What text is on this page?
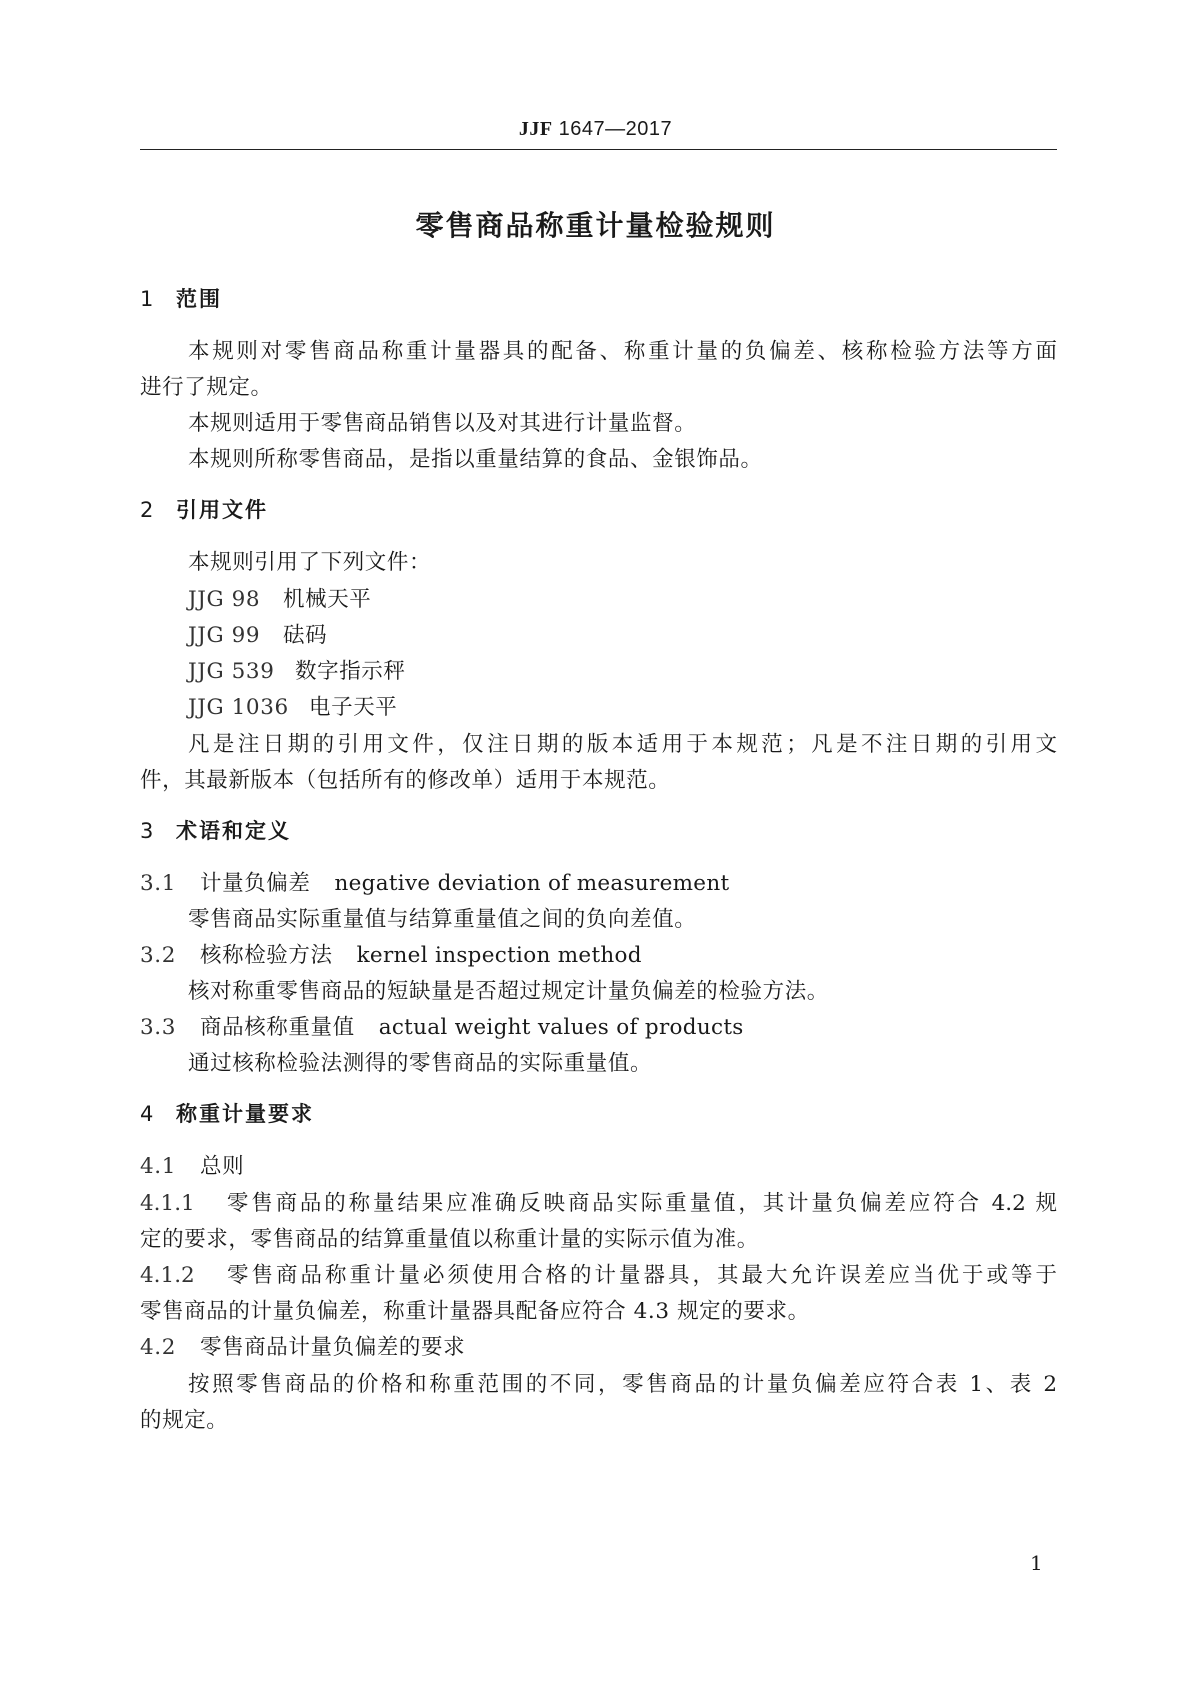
JJF 1647—2017
零售商品称重计量检验规则
1 范围
本规则对零售商品称重计量器具的配备、称重计量的负偏差、核称检验方法等方面
进行了规定。
本规则适用于零售商品销售以及对其进行计量监督。
本规则所称零售商品，是指以重量结算的食品、金银饰品。
2 引用文件
本规则引用了下列文件：
JJG 98 机械天平
JJG 99 砝码
JJG 539 数字指示秤
JJG 1036 电子天平
凡是注日期的引用文件，仅注日期的版本适用于本规范；凡是不注日期的引用文
件，其最新版本（包括所有的修改单）适用于本规范。
3 术语和定义
3.1 计量负偏差 negative deviation of measurement
零售商品实际重量值与结算重量值之间的负向差值。
3.2 核称检验方法 kernel inspection method
核对称重零售商品的短缺量是否超过规定计量负偏差的检验方法。
3.3 商品核称重量值 actual weight values of products
通过核称检验法测得的零售商品的实际重量值。
4 称重计量要求
4.1 总则
4.1.1 零售商品的称量结果应准确反映商品实际重量值，其计量负偏差应符合 4.2 规
定的要求，零售商品的结算重量值以称重计量的实际示值为准。
4.1.2 零售商品称重计量必须使用合格的计量器具，其最大允许误差应当优于或等于
零售商品的计量负偏差，称重计量器具配备应符合 4.3 规定的要求。
4.2 零售商品计量负偏差的要求
按照零售商品的价格和称重范围的不同，零售商品的计量负偏差应符合表 1、表 2
的规定。
1
